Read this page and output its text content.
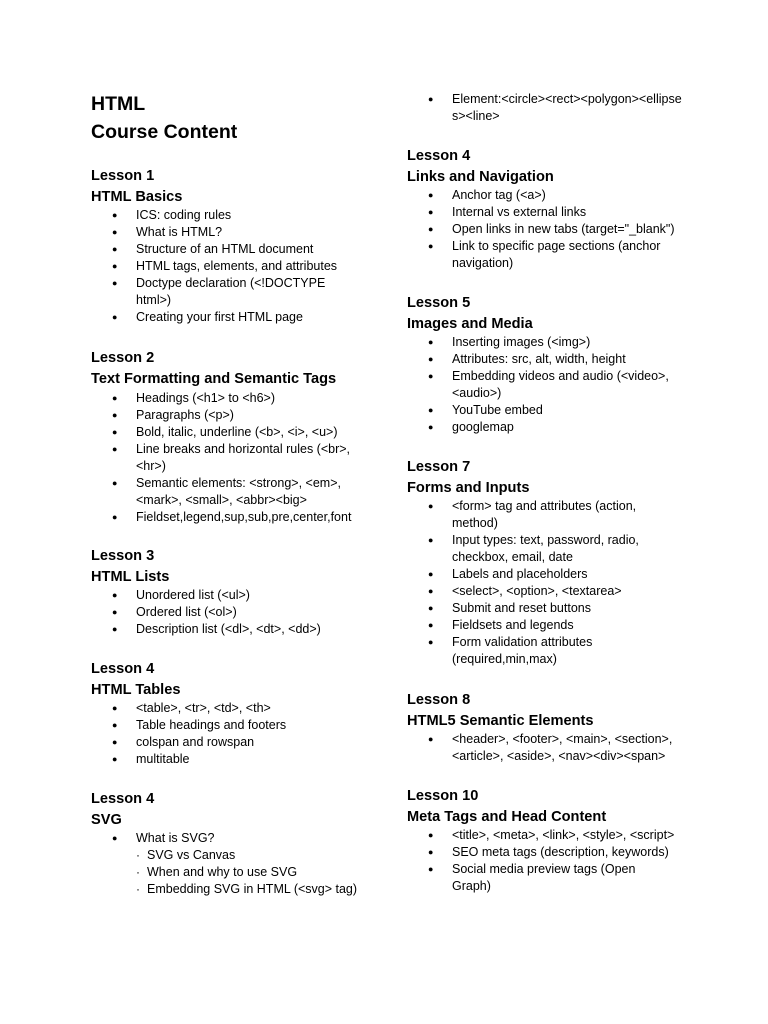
HTML
Course Content
Lesson 1
HTML Basics
● ICS: coding rules
● What is HTML?
● Structure of an HTML document
● HTML tags, elements, and attributes
● Doctype declaration (<!DOCTYPE html>)
● Creating your first HTML page
Lesson 2
Text Formatting and Semantic Tags
● Headings (<h1> to <h6>)
● Paragraphs (<p>)
● Bold, italic, underline (<b>, <i>, <u>)
● Line breaks and horizontal rules (<br>, <hr>)
● Semantic elements: <strong>, <em>, <mark>, <small>, <abbr><big>
● Fieldset,legend,sup,sub,pre,center,font
Lesson 3
HTML Lists
● Unordered list (<ul>)
● Ordered list (<ol>)
● Description list (<dl>, <dt>, <dd>)
Lesson 4
HTML Tables
● <table>, <tr>, <td>, <th>
● Table headings and footers
● colspan and rowspan
● multitable
Lesson 4
SVG
● What is SVG?
· SVG vs Canvas
· When and why to use SVG
· Embedding SVG in HTML (<svg> tag)
● Element:<circle><rect><polygon><ellipses><line>
Lesson 4
Links and Navigation
● Anchor tag (<a>)
● Internal vs external links
● Open links in new tabs (target="_blank")
● Link to specific page sections (anchor navigation)
Lesson 5
Images and Media
● Inserting images (<img>)
● Attributes: src, alt, width, height
● Embedding videos and audio (<video>, <audio>)
● YouTube embed
● googlemap
Lesson 7
Forms and Inputs
● <form> tag and attributes (action, method)
● Input types: text, password, radio, checkbox, email, date
● Labels and placeholders
● <select>, <option>, <textarea>
● Submit and reset buttons
● Fieldsets and legends
● Form validation attributes (required,min,max)
Lesson 8
HTML5 Semantic Elements
● <header>, <footer>, <main>, <section>, <article>, <aside>, <nav><div><span>
Lesson 10
Meta Tags and Head Content
● <title>, <meta>, <link>, <style>, <script>
● SEO meta tags (description, keywords)
● Social media preview tags (Open Graph)
